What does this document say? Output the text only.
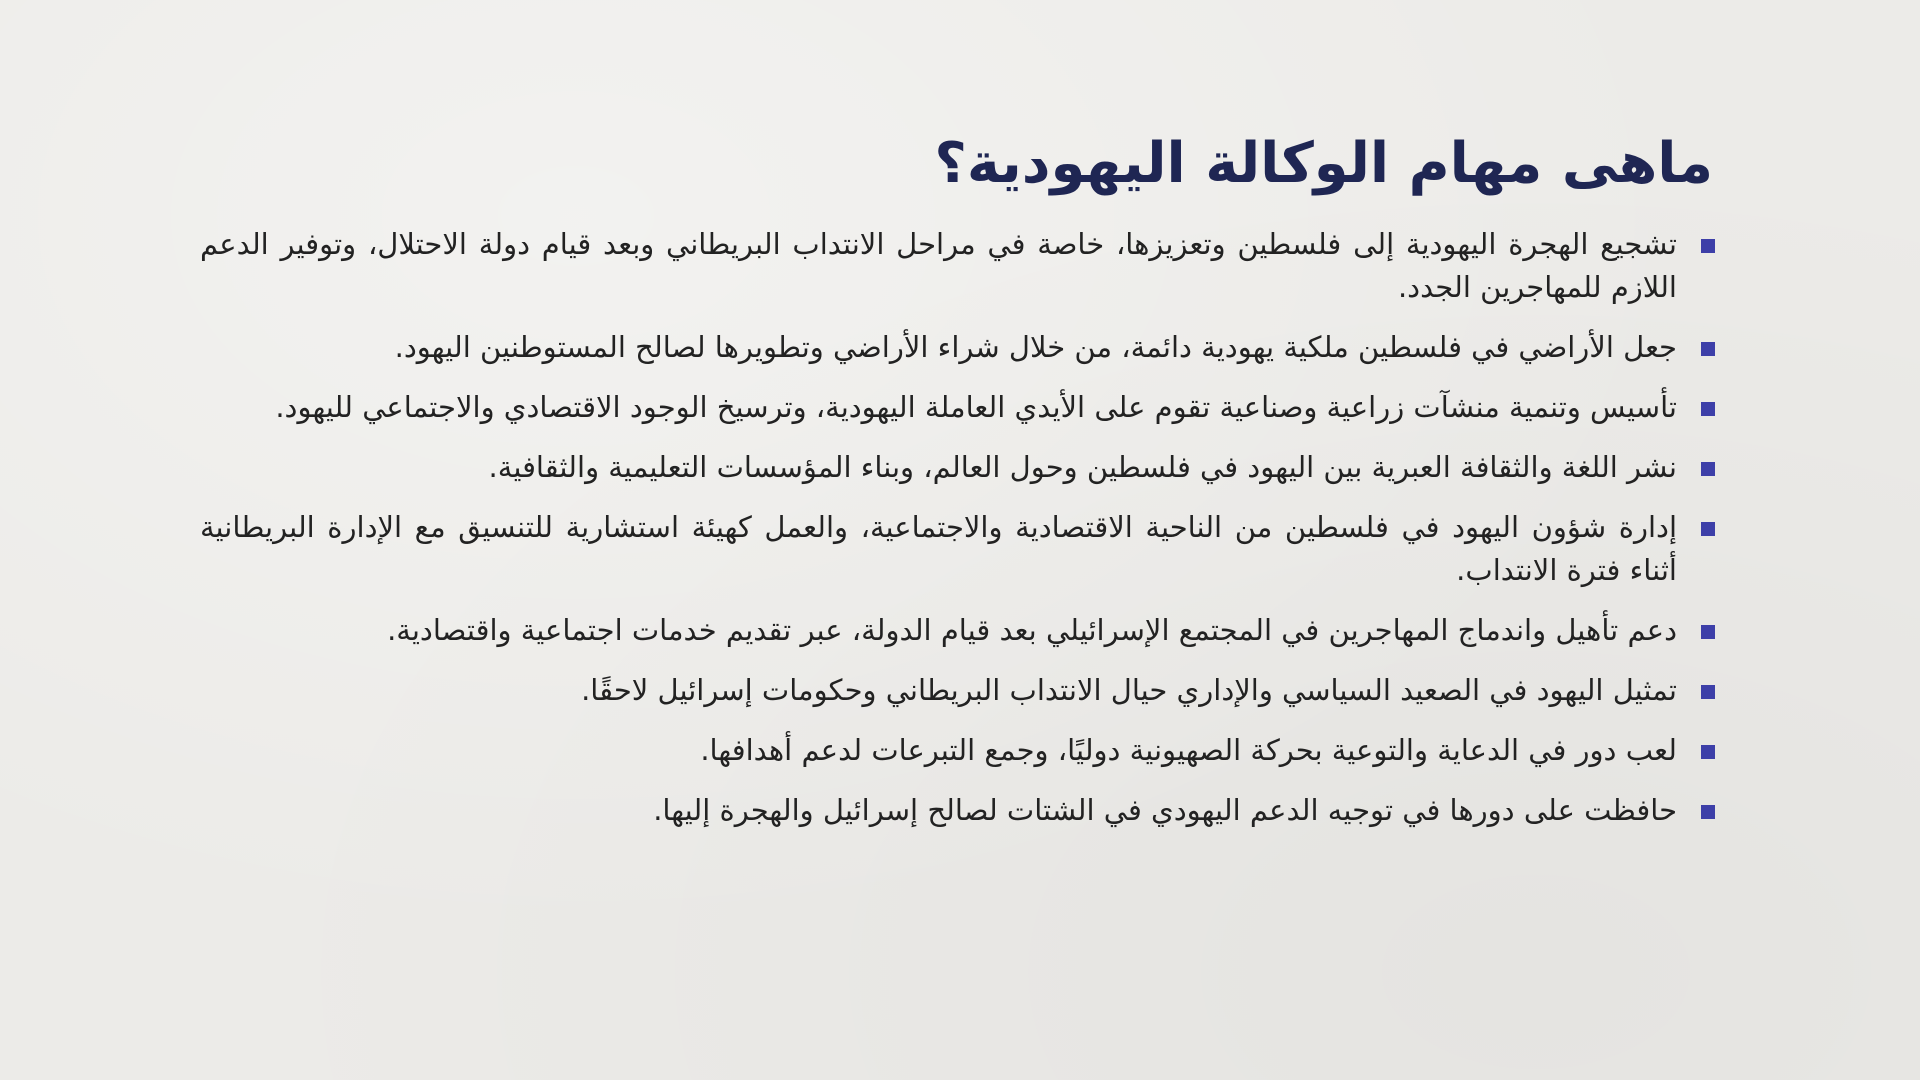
ماهى مهام الوكالة اليهودية؟
تشجيع الهجرة اليهودية إلى فلسطين وتعزيزها، خاصة في مراحل الانتداب البريطاني وبعد قيام دولة الاحتلال، وتوفير الدعم اللازم للمهاجرين الجدد.
جعل الأراضي في فلسطين ملكية يهودية دائمة، من خلال شراء الأراضي وتطويرها لصالح المستوطنين اليهود.
تأسيس وتنمية منشآت زراعية وصناعية تقوم على الأيدي العاملة اليهودية، وترسيخ الوجود الاقتصادي والاجتماعي لليهود.
نشر اللغة والثقافة العبرية بين اليهود في فلسطين وحول العالم، وبناء المؤسسات التعليمية والثقافية.
إدارة شؤون اليهود في فلسطين من الناحية الاقتصادية والاجتماعية، والعمل كهيئة استشارية للتنسيق مع الإدارة البريطانية أثناء فترة الانتداب.
دعم تأهيل واندماج المهاجرين في المجتمع الإسرائيلي بعد قيام الدولة، عبر تقديم خدمات اجتماعية واقتصادية.
تمثيل اليهود في الصعيد السياسي والإداري حيال الانتداب البريطاني وحكومات إسرائيل لاحقًا.
لعب دور في الدعاية والتوعية بحركة الصهيونية دوليًا، وجمع التبرعات لدعم أهدافها.
حافظت على دورها في توجيه الدعم اليهودي في الشتات لصالح إسرائيل والهجرة إليها.
